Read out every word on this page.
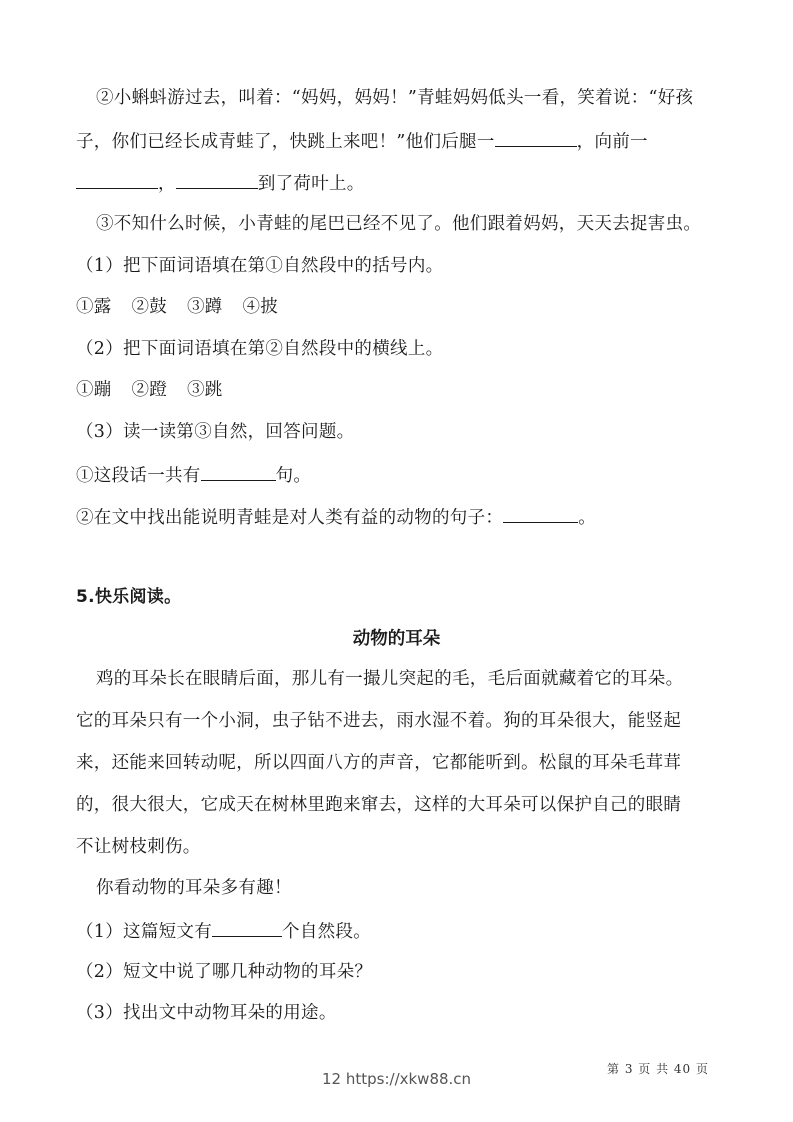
②小蝌蚪游过去，叫着：“妈妈，妈妈！”青蛙妈妈低头一看，笑着说：“好孩
子，你们已经长成青蛙了，快跳上来吧！”他们后腿一	，向前一
，	到了荷叶上。
③不知什么时候，小青蛙的尾巴已经不见了。他们跟着妈妈，天天去捉害虫。
（1）把下面词语填在第①自然段中的括号内。
①露 ②鼓 ③蹲 ④披
（2）把下面词语填在第②自然段中的横线上。
①蹦 ②蹬 ③跳
（3）读一读第③自然，回答问题。
①这段话一共有	句。
②在文中找出能说明青蛙是对人类有益的动物的句子：	。
5.快乐阅读。
动物的耳朵
鸡的耳朵长在眼睛后面，那儿有一撮儿突起的毛，毛后面就藏着它的耳朵。
它的耳朵只有一个小洞，虫子钻不进去，雨水湿不着。狗的耳朵很大，能竖起
来，还能来回转动呢，所以四面八方的声音，它都能听到。松鼠的耳朵毛茸茸
的，很大很大，它成天在树林里跑来窜去，这样的大耳朵可以保护自己的眼睛
不让树枝刺伤。
你看动物的耳朵多有趣！
（1）这篇短文有	个自然段。
（2）短文中说了哪几种动物的耳朵？
（3）找出文中动物耳朵的用途。
第 3 页 共 40 页
12 https://xkw88.cn
